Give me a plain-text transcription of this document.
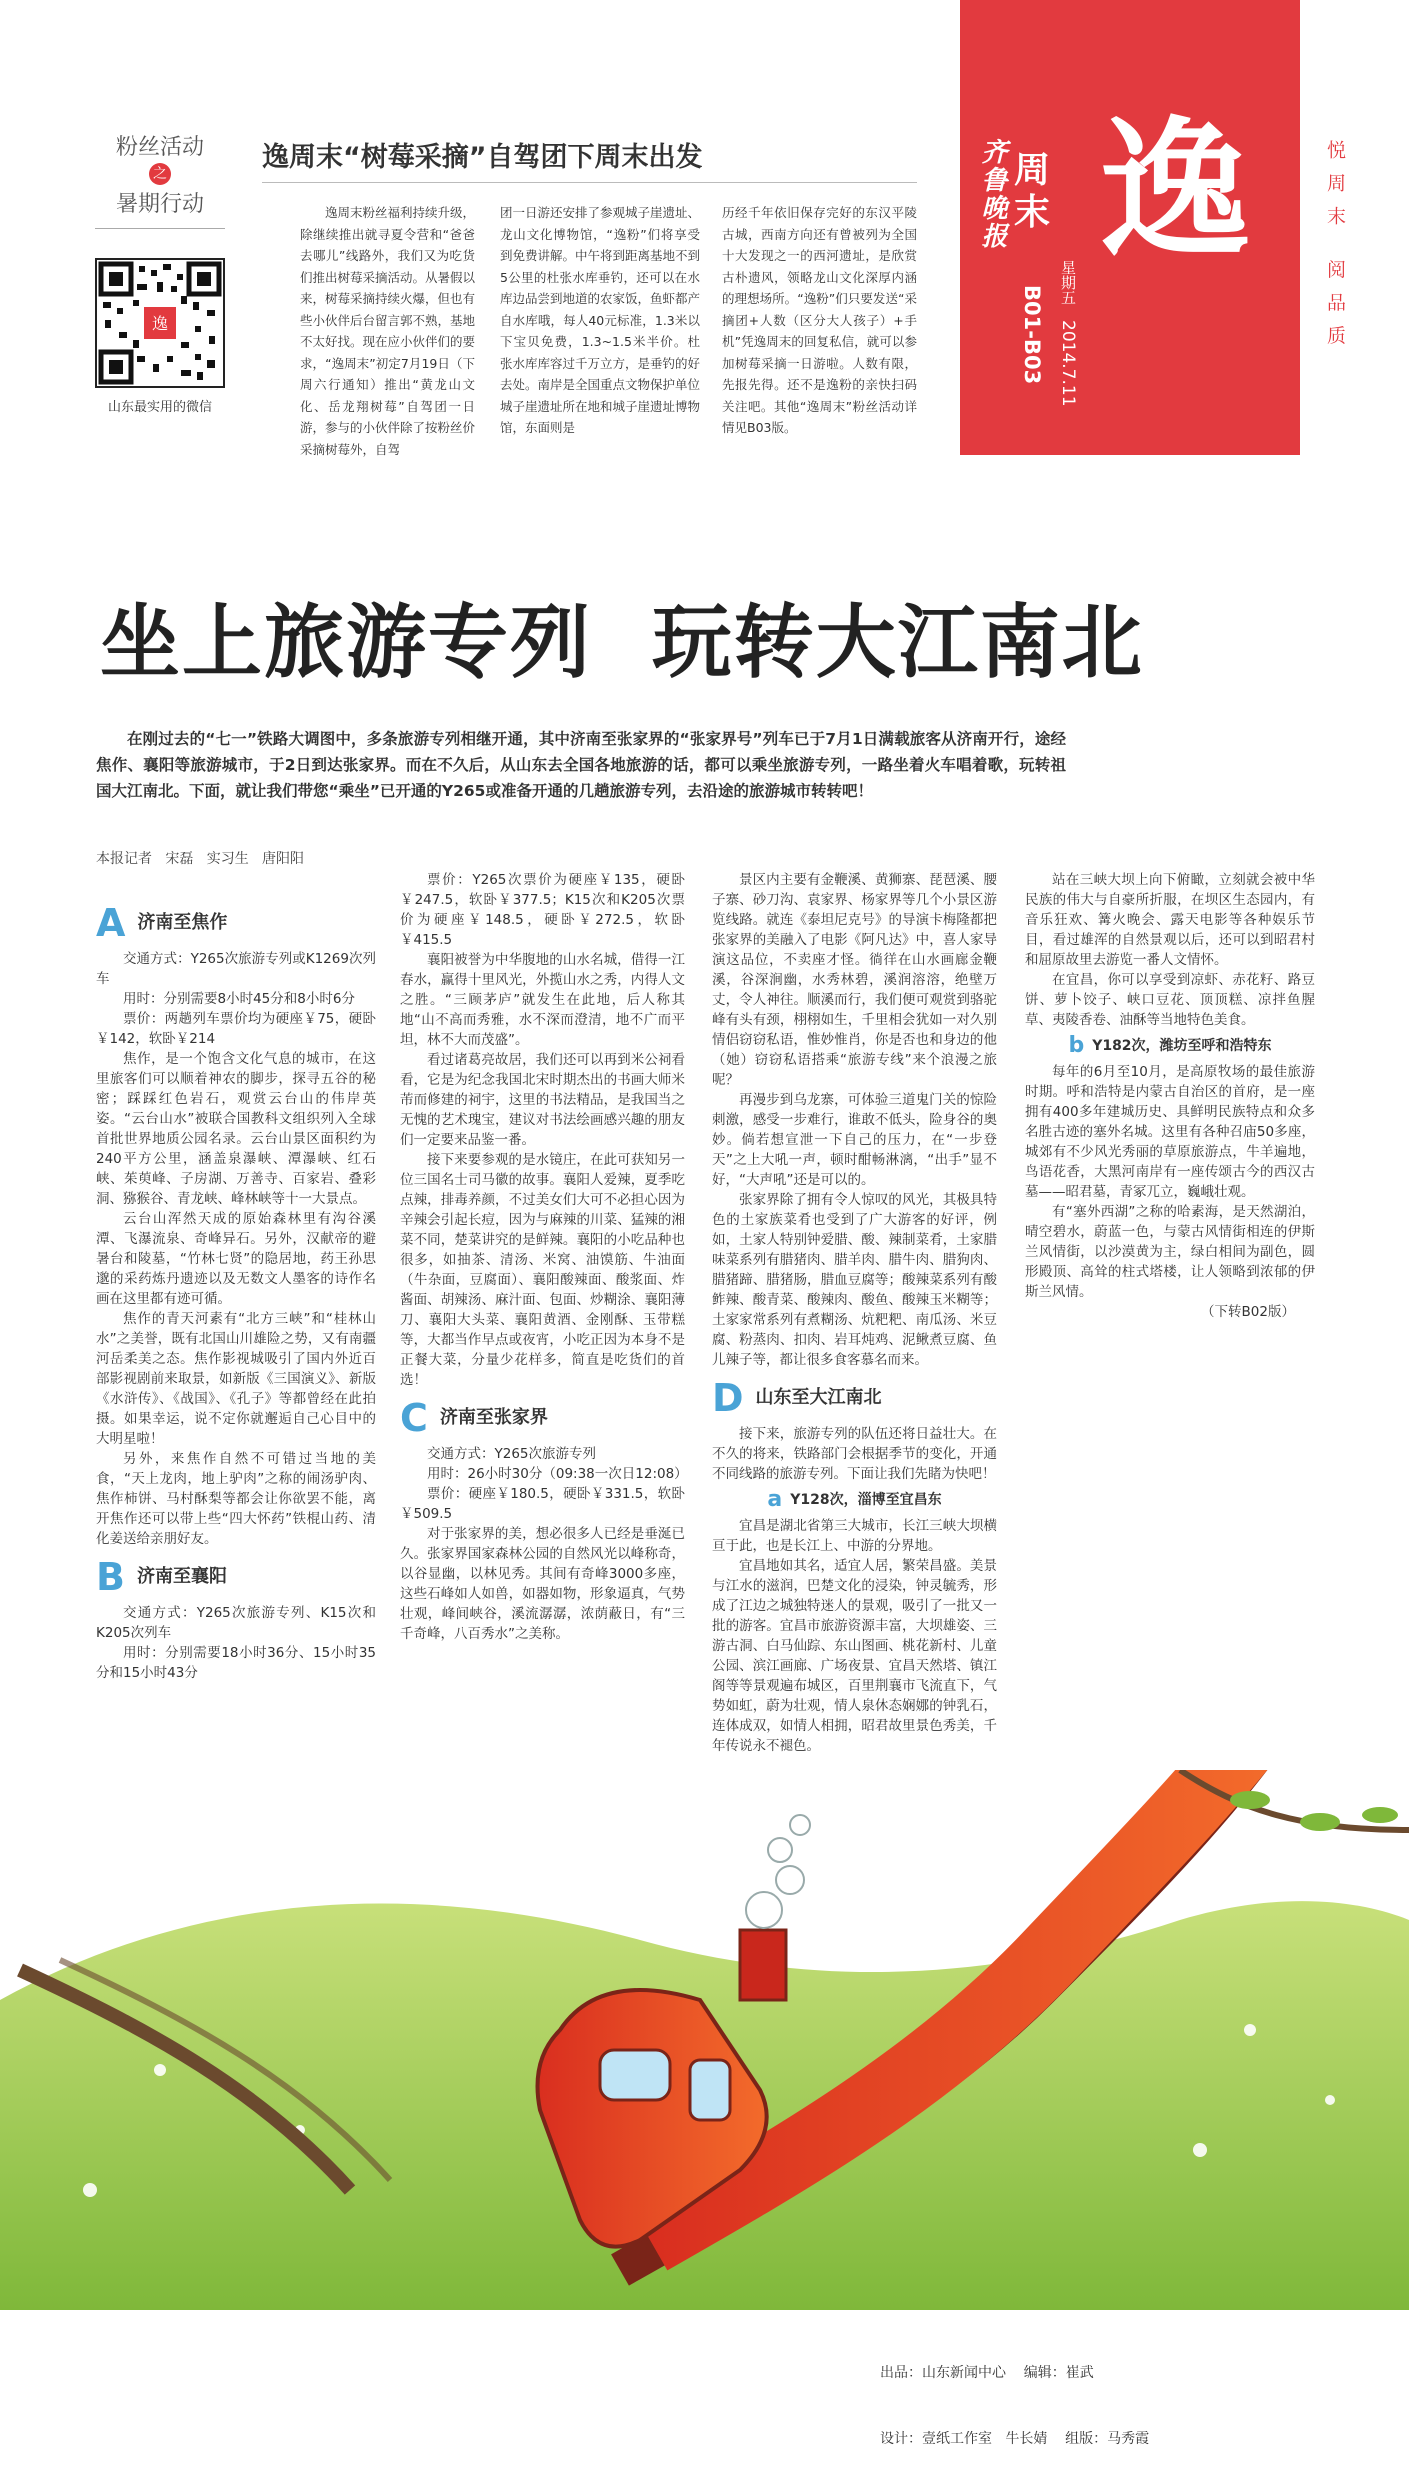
粉丝活动
之
暑期行动
逸
山东最实用的微信
逸周末“树莓采摘”自驾团下周末出发

逸周末粉丝福利持续升级，除继续推出就寻夏令营和“爸爸去哪儿”线路外，我们又为吃货们推出树莓采摘活动。从暑假以来，树莓采摘持续火爆，但也有些小伙伴后台留言郭不熟，基地不太好找。现在应小伙伴们的要求，“逸周末”初定7月19日（下周六行通知）推出“黄龙山文化、岳龙翔树莓”自驾团一日游，参与的小伙伴除了按粉丝价采摘树莓外，自驾

团一日游还安排了参观城子崖遗址、龙山文化博物馆，“逸粉”们将享受到免费讲解。中午将到距离基地不到5公里的杜张水库垂钓，还可以在水库边品尝到地道的农家饭，鱼虾都产自水库哦，每人40元标准，1.3米以下宝贝免费，1.3~1.5米半价。杜张水库库容过千万立方，是垂钓的好去处。南岸是全国重点文物保护单位城子崖遗址所在地和城子崖遗址博物馆，东面则是

历经千年依旧保存完好的东汉平陵古城，西南方向还有曾被列为全国十大发现之一的西河遗址，是欣赏古朴遗风，领略龙山文化深厚内涵的理想场所。“逸粉”们只要发送“采摘团+人数（区分大人孩子）+手机”凭逸周末的回复私信，就可以参加树莓采摘一日游啦。人数有限，先报先得。还不是逸粉的亲快扫码关注吧。其他“逸周末”粉丝活动详情见B03版。

齐鲁晚报 周末
星期五
2014.7.11
B01-B03
逸	悦周末 阅品质
坐上旅游专列  玩转大江南北

在刚过去的“七一”铁路大调图中，多条旅游专列相继开通，其中济南至张家界的“张家界号”列车已于7月1日满载旅客从济南开行，途经焦作、襄阳等旅游城市，于2日到达张家界。而在不久后，从山东去全国各地旅游的话，都可以乘坐旅游专列，一路坐着火车唱着歌，玩转祖国大江南北。下面，就让我们带您“乘坐”已开通的Y265或准备开通的几趟旅游专列，去沿途的旅游城市转转吧！

本报记者   宋磊   实习生   唐阳阳
A 济南至焦作

交通方式：Y265次旅游专列或K1269次列车

用时：分别需要8小时45分和8小时6分

票价：两趟列车票价均为硬座￥75，硬卧￥142，软卧￥214

焦作，是一个饱含文化气息的城市，在这里旅客们可以顺着神农的脚步，探寻五谷的秘密；踩踩红色岩石，观赏云台山的伟岸英姿。“云台山水”被联合国教科文组织列入全球首批世界地质公园名录。云台山景区面积约为240平方公里，涵盖泉瀑峡、潭瀑峡、红石峡、茱萸峰、子房湖、万善寺、百家岩、叠彩洞、猕猴谷、青龙峡、峰林峡等十一大景点。

云台山浑然天成的原始森林里有沟谷溪潭、飞瀑流泉、奇峰异石。另外，汉献帝的避暑台和陵墓，“竹林七贤”的隐居地，药王孙思邈的采药炼丹遗迹以及无数文人墨客的诗作名画在这里都有迹可循。

焦作的青天河素有“北方三峡”和“桂林山水”之美誉，既有北国山川雄险之势，又有南疆河岳柔美之态。焦作影视城吸引了国内外近百部影视剧前来取景，如新版《三国演义》、新版《水浒传》、《战国》、《孔子》等都曾经在此拍摄。如果幸运，说不定你就邂逅自己心目中的大明星啦！

另外，来焦作自然不可错过当地的美食，“天上龙肉，地上驴肉”之称的闹汤驴肉、焦作柿饼、马村酥梨等都会让你欲罢不能，离开焦作还可以带上些“四大怀药”铁棍山药、清化姜送给亲朋好友。

B 济南至襄阳

交通方式：Y265次旅游专列、K15次和K205次列车

用时：分别需要18小时36分、15小时35分和15小时43分

票价：Y265次票价为硬座￥135，硬卧￥247.5，软卧￥377.5；K15次和K205次票价为硬座￥148.5，硬卧￥272.5，软卧￥415.5

襄阳被誉为中华腹地的山水名城，借得一江春水，赢得十里风光，外揽山水之秀，内得人文之胜。“三顾茅庐”就发生在此地，后人称其地“山不高而秀雅，水不深而澄清，地不广而平坦，林不大而茂盛”。

看过诸葛亮故居，我们还可以再到米公祠看看，它是为纪念我国北宋时期杰出的书画大师米芾而修建的祠宇，这里的书法精品，是我国当之无愧的艺术瑰宝，建议对书法绘画感兴趣的朋友们一定要来品鉴一番。

接下来要参观的是水镜庄，在此可获知另一位三国名士司马徽的故事。襄阳人爱辣，夏季吃点辣，排毒养颜，不过美女们大可不必担心因为辛辣会引起长痘，因为与麻辣的川菜、猛辣的湘菜不同，楚菜讲究的是鲜辣。襄阳的小吃品种也很多，如抽茶、清汤、米窝、油馍筋、牛油面（牛杂面，豆腐面）、襄阳酸辣面、酸浆面、炸酱面、胡辣汤、麻汁面、包面、炒糊涂、襄阳薄刀、襄阳大头菜、襄阳黄酒、金刚酥、玉带糕等，大都当作早点或夜宵，小吃正因为本身不是正餐大菜，分量少花样多，简直是吃货们的首选！

C 济南至张家界

交通方式：Y265次旅游专列

用时：26小时30分（09:38一次日12:08）

票价：硬座￥180.5，硬卧￥331.5，软卧￥509.5

对于张家界的美，想必很多人已经是垂涎已久。张家界国家森林公园的自然风光以峰称奇，以谷显幽，以林见秀。其间有奇峰3000多座，这些石峰如人如兽，如器如物，形象逼真，气势壮观，峰间峡谷，溪流潺潺，浓荫蔽日，有“三千奇峰，八百秀水”之美称。

景区内主要有金鞭溪、黄狮寨、琵琶溪、腰子寨、砂刀沟、袁家界、杨家界等几个小景区游览线路。就连《泰坦尼克号》的导演卡梅隆都把张家界的美融入了电影《阿凡达》中，喜人家导演这品位，不卖座才怪。徜徉在山水画廊金鞭溪，谷深涧幽，水秀林碧，溪润溶溶，绝壁万丈，令人神往。顺溪而行，我们便可观赏到骆驼峰有头有颈，栩栩如生，千里相会犹如一对久别情侣窃窃私语，惟妙惟肖，你是否也和身边的他（她）窃窃私语搭乘“旅游专线”来个浪漫之旅呢？

再漫步到乌龙寨，可体验三道鬼门关的惊险刺激，感受一步难行，谁敢不低头，险身谷的奥妙。倘若想宣泄一下自己的压力，在“一步登天”之上大吼一声，顿时酣畅淋漓，“出手”显不好，“大声吼”还是可以的。

张家界除了拥有令人惊叹的风光，其极具特色的土家族菜肴也受到了广大游客的好评，例如，土家人特别钟爱腊、酸、辣制菜肴，土家腊味菜系列有腊猪肉、腊羊肉、腊牛肉、腊狗肉、腊猪蹄、腊猪肠，腊血豆腐等；酸辣菜系列有酸鲊辣、酸青菜、酸辣肉、酸鱼、酸辣玉米糊等；土家家常系列有煮糊汤、炕粑粑、南瓜汤、米豆腐、粉蒸肉、扣肉、岩耳炖鸡、泥鳅煮豆腐、鱼儿辣子等，都让很多食客慕名而来。

D 山东至大江南北

接下来，旅游专列的队伍还将日益壮大。在不久的将来，铁路部门会根据季节的变化，开通不同线路的旅游专列。下面让我们先睹为快吧！

a Y128次，淄博至宜昌东

宜昌是湖北省第三大城市，长江三峡大坝横亘于此，也是长江上、中游的分界地。

宜昌地如其名，适宜人居，繁荣昌盛。美景与江水的滋润，巴楚文化的浸染，钟灵毓秀，形成了江边之城独特迷人的景观，吸引了一批又一批的游客。宜昌市旅游资源丰富，大坝雄姿、三游古洞、白马仙踪、东山图画、桃花新村、儿童公园、滨江画廊、广场夜景、宜昌天然塔、镇江阁等等景观遍布城区，百里荆襄市飞流直下，气势如虹，蔚为壮观，情人泉休态娴娜的钟乳石，连体成双，如情人相拥，昭君故里景色秀美，千年传说永不褪色。

站在三峡大坝上向下俯瞰，立刻就会被中华民族的伟大与自豪所折服，在坝区生态园内，有音乐狂欢、篝火晚会、露天电影等各种娱乐节目，看过雄浑的自然景观以后，还可以到昭君村和屈原故里去游览一番人文情怀。

在宜昌，你可以享受到凉虾、赤花籽、路豆饼、萝卜饺子、峡口豆花、顶顶糕、凉拌鱼腥草、夷陵香卷、油酥等当地特色美食。

b Y182次，潍坊至呼和浩特东

每年的6月至10月，是高原牧场的最佳旅游时期。呼和浩特是内蒙古自治区的首府，是一座拥有400多年建城历史、具鲜明民族特点和众多名胜古迹的塞外名城。这里有各种召庙50多座，城郊有不少风光秀丽的草原旅游点，牛羊遍地，鸟语花香，大黑河南岸有一座传颂古今的西汉古墓——昭君墓，青冢兀立，巍峨壮观。

有“塞外西湖”之称的哈素海，是天然湖泊，晴空碧水，蔚蓝一色，与蒙古风情街相连的伊斯兰风情街，以沙漠黄为主，绿白相间为副色，圆形殿顶、高耸的柱式塔楼，让人领略到浓郁的伊斯兰风情。

（下转B02版）

出品：山东新闻中心    编辑：崔武

设计：壹纸工作室   牛长婧    组版：马秀霞
